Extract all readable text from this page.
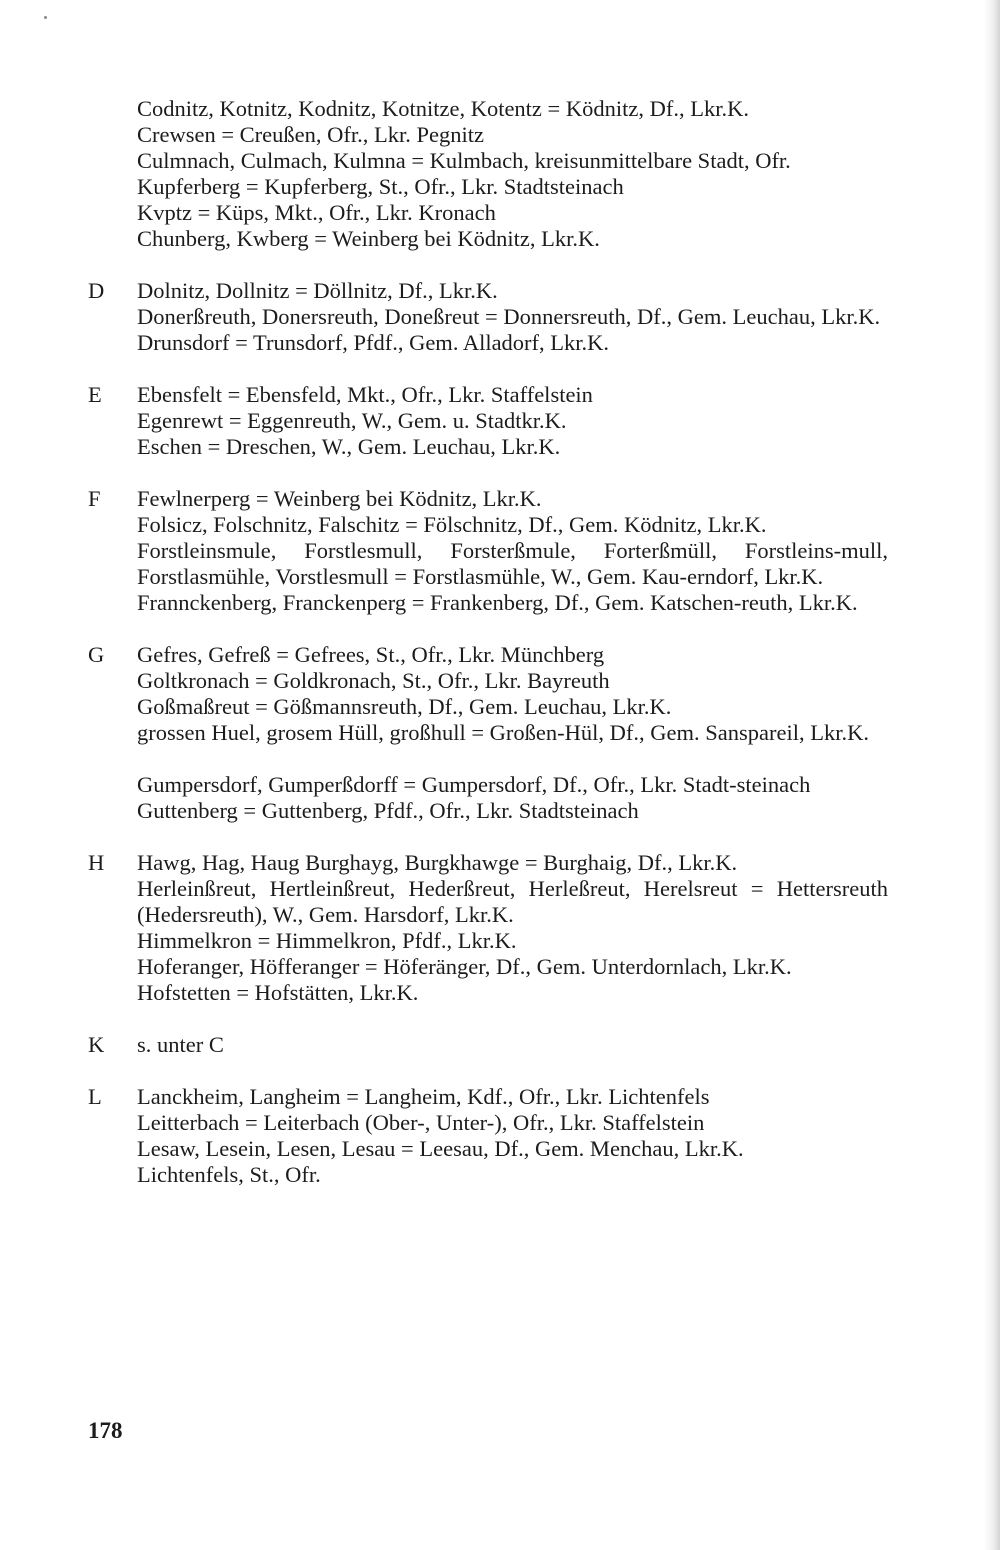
Codnitz, Kotnitz, Kodnitz, Kotnitze, Kotentz = Ködnitz, Df., Lkr.K.
Crewsen = Creußen, Ofr., Lkr. Pegnitz
Culmnach, Culmach, Kulmna = Kulmbach, kreisunmittelbare Stadt, Ofr.
Kupferberg = Kupferberg, St., Ofr., Lkr. Stadtsteinach
Kvptz = Küps, Mkt., Ofr., Lkr. Kronach
Chunberg, Kwberg = Weinberg bei Ködnitz, Lkr.K.
D	Dolnitz, Dollnitz = Döllnitz, Df., Lkr.K.
Donerßreuth, Donersreuth, Doneßreut = Donnersreuth, Df., Gem. Leuchau, Lkr.K.
Drunsdorf = Trunsdorf, Pfdf., Gem. Alladorf, Lkr.K.
E	Ebensfelt = Ebensfeld, Mkt., Ofr., Lkr. Staffelstein
Egenrewt = Eggenreuth, W., Gem. u. Stadtkr.K.
Eschen = Dreschen, W., Gem. Leuchau, Lkr.K.
F	Fewlnerperg = Weinberg bei Ködnitz, Lkr.K.
Folsicz, Folschnitz, Falschitz = Fölschnitz, Df., Gem. Ködnitz, Lkr.K.
Forstleinsmule, Forstlesmull, Forsterßmule, Forterßmüll, Forstleins-mull, Forstlasmühle, Vorstlesmull = Forstlasmühle, W., Gem. Kau-erndorf, Lkr.K.
Frannckenberg, Franckenperg = Frankenberg, Df., Gem. Katschen-reuth, Lkr.K.
G	Gefres, Gefreß = Gefrees, St., Ofr., Lkr. Münchberg
Goltkronach = Goldkronach, St., Ofr., Lkr. Bayreuth
Goßmaßreut = Gößmannsreuth, Df., Gem. Leuchau, Lkr.K.
grossen Huel, grosem Hüll, großhull = Großen-Hül, Df., Gem. Sanspareil, Lkr.K.
Gumpersdorf, Gumperßdorff = Gumpersdorf, Df., Ofr., Lkr. Stadt-steinach
Guttenberg = Guttenberg, Pfdf., Ofr., Lkr. Stadtsteinach
H	Hawg, Hag, Haug Burghayg, Burgkhawge = Burghaig, Df., Lkr.K.
Herleinßreut, Hertleinßreut, Hederßreut, Herleßreut, Herelsreut = Hettersreuth (Hedersreuth), W., Gem. Harsdorf, Lkr.K.
Himmelkron = Himmelkron, Pfdf., Lkr.K.
Hoferanger, Höfferanger = Höferänger, Df., Gem. Unterdornlach, Lkr.K.
Hofstetten = Hofstätten, Lkr.K.
K	s. unter C
L	Lanckheim, Langheim = Langheim, Kdf., Ofr., Lkr. Lichtenfels
Leitterbach = Leiterbach (Ober-, Unter-), Ofr., Lkr. Staffelstein
Lesaw, Lesein, Lesen, Lesau = Leesau, Df., Gem. Menchau, Lkr.K.
Lichtenfels, St., Ofr.
178
